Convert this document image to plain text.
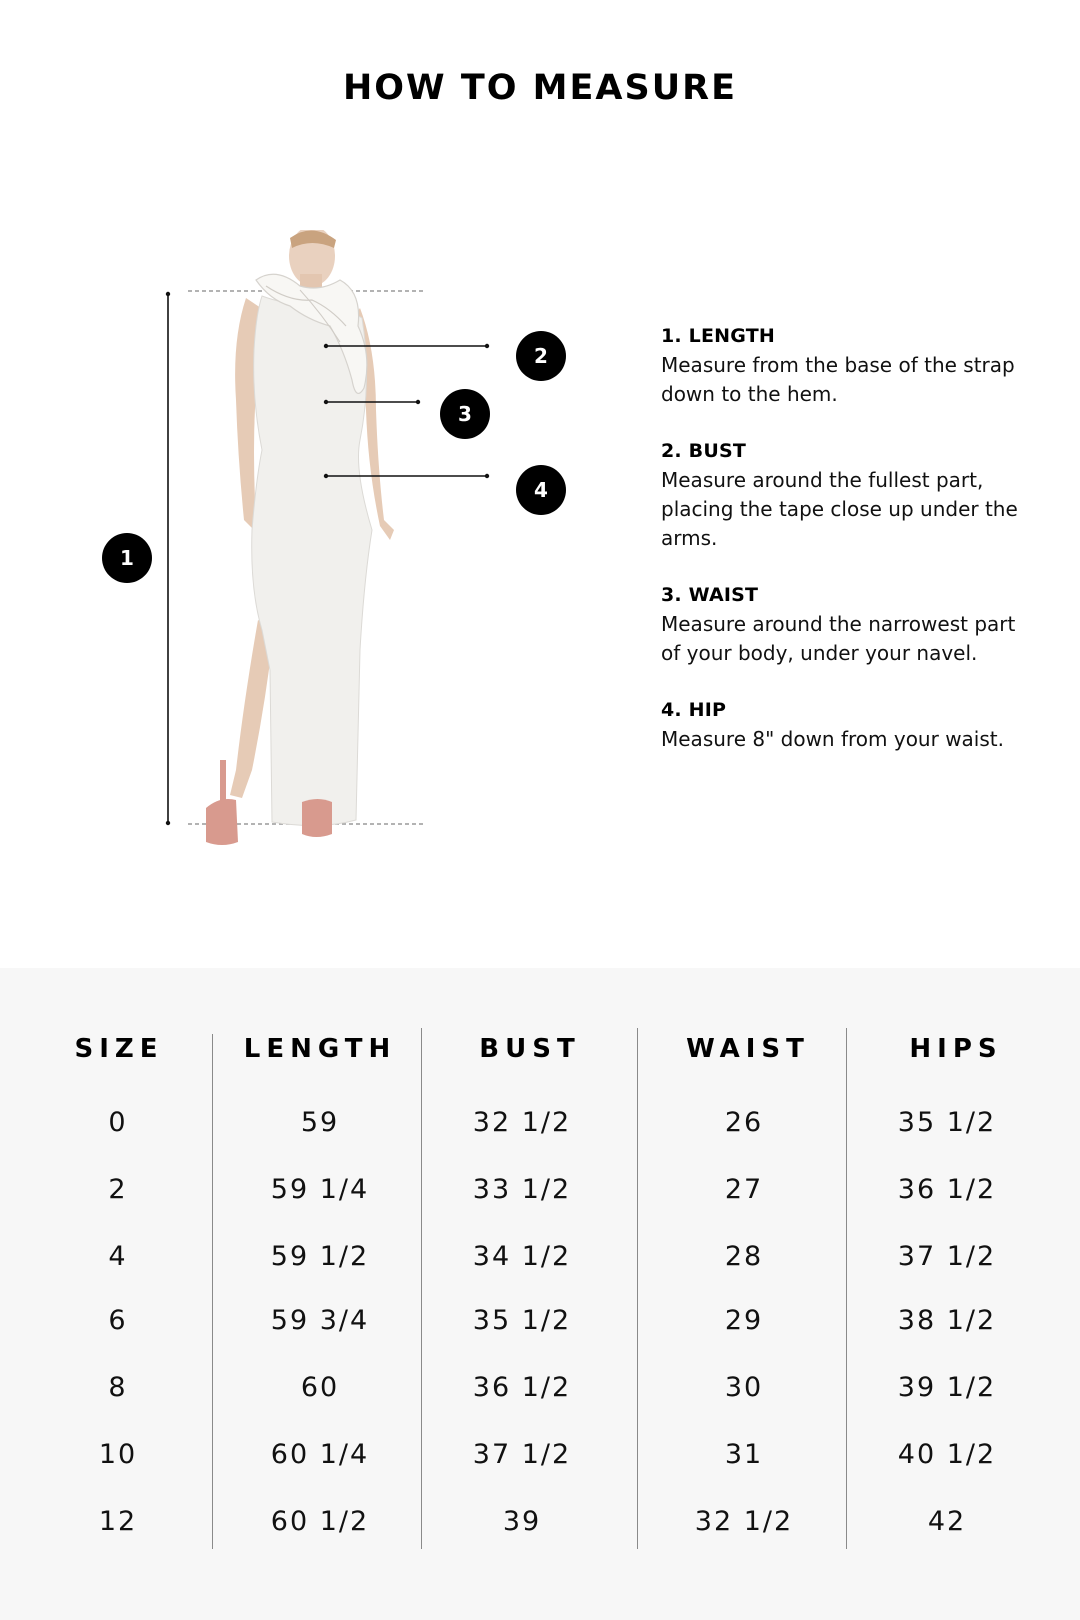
HOW TO MEASURE
1
2
3
4
1. LENGTH
Measure from the base of the strap down to the hem.
2. BUST
Measure around the fullest part, placing the tape close up under the arms.
3. WAIST
Measure around the narrowest part of your body, under your navel.
4. HIP
Measure 8" down from your waist.
SIZE	LENGTH	BUST	WAIST	HIPS
0	59	32 1/2	26	35 1/2
2	59 1/4	33 1/2	27	36 1/2
4	59 1/2	34 1/2	28	37 1/2
6	59 3/4	35 1/2	29	38 1/2
8	60	36 1/2	30	39 1/2
10	60 1/4	37 1/2	31	40 1/2
12	60 1/2	39	32 1/2	42
